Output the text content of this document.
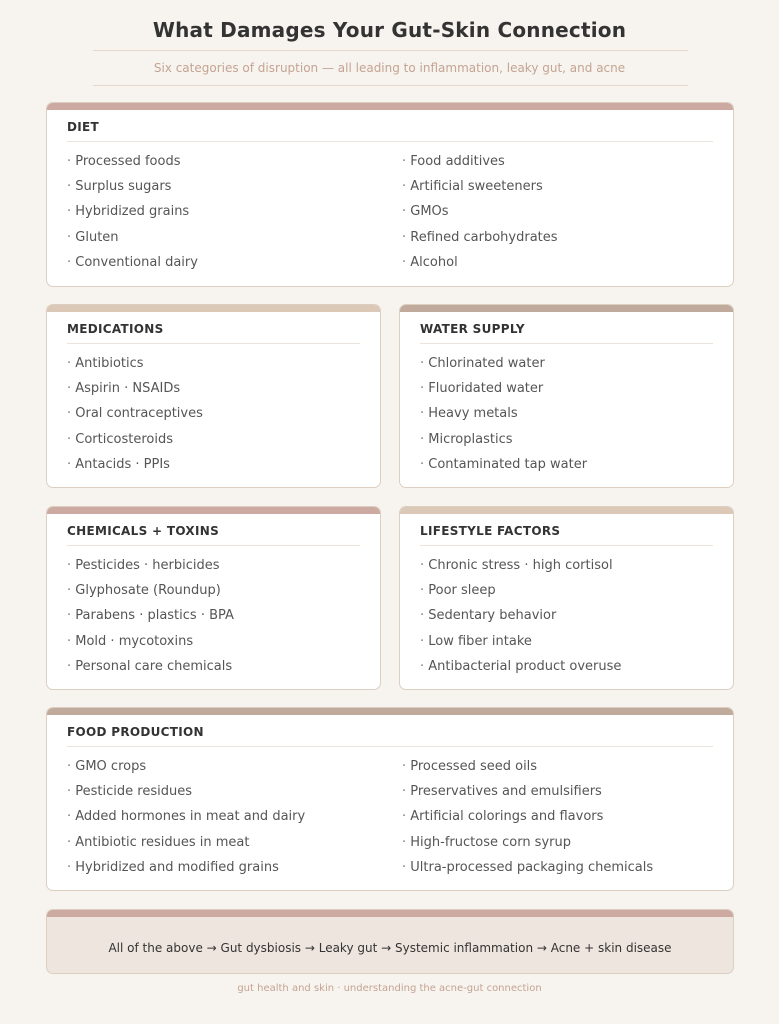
What Damages Your Gut-Skin Connection
Six categories of disruption — all leading to inflammation, leaky gut, and acne
DIET
· Processed foods
· Surplus sugars
· Hybridized grains
· Gluten
· Conventional dairy
· Food additives
· Artificial sweeteners
· GMOs
· Refined carbohydrates
· Alcohol
MEDICATIONS
· Antibiotics
· Aspirin · NSAIDs
· Oral contraceptives
· Corticosteroids
· Antacids · PPIs
WATER SUPPLY
· Chlorinated water
· Fluoridated water
· Heavy metals
· Microplastics
· Contaminated tap water
CHEMICALS + TOXINS
· Pesticides · herbicides
· Glyphosate (Roundup)
· Parabens · plastics · BPA
· Mold · mycotoxins
· Personal care chemicals
LIFESTYLE FACTORS
· Chronic stress · high cortisol
· Poor sleep
· Sedentary behavior
· Low fiber intake
· Antibacterial product overuse
FOOD PRODUCTION
· GMO crops
· Pesticide residues
· Added hormones in meat and dairy
· Antibiotic residues in meat
· Hybridized and modified grains
· Processed seed oils
· Preservatives and emulsifiers
· Artificial colorings and flavors
· High-fructose corn syrup
· Ultra-processed packaging chemicals
All of the above → Gut dysbiosis → Leaky gut → Systemic inflammation → Acne + skin disease
gut health and skin · understanding the acne-gut connection
